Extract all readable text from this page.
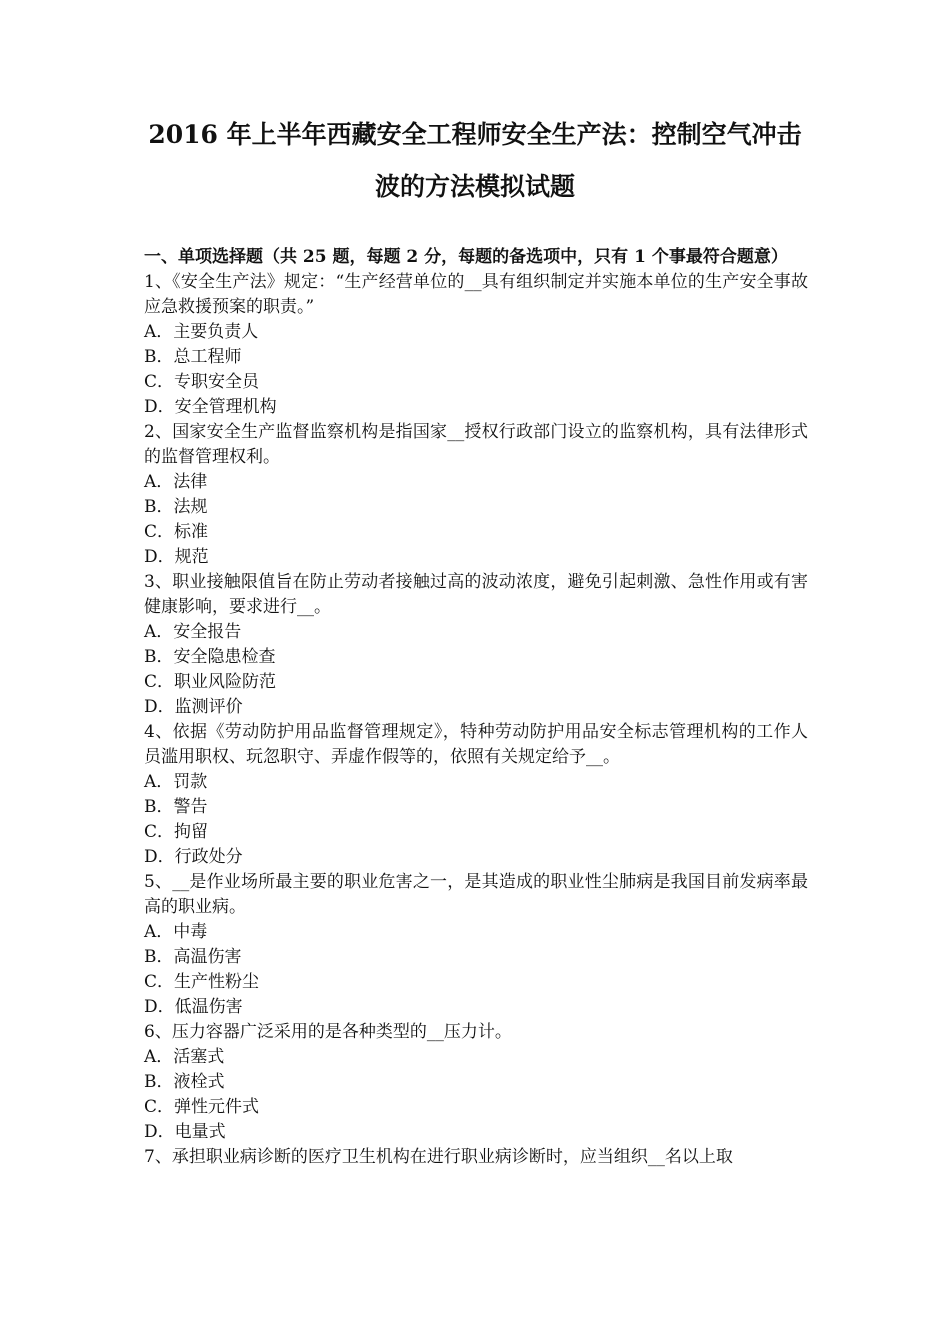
2016 年上半年西藏安全工程师安全生产法：控制空气冲击
波的方法模拟试题
一、单项选择题（共 25 题，每题 2 分，每题的备选项中，只有 1 个事最符合题意）
1、《安全生产法》规定：“生产经营单位的__具有组织制定并实施本单位的生产安全事故应急救援预案的职责。”
A．主要负责人
B．总工程师
C．专职安全员
D．安全管理机构
2、国家安全生产监督监察机构是指国家__授权行政部门设立的监察机构，具有法律形式的监督管理权利。
A．法律
B．法规
C．标准
D．规范
3、职业接触限值旨在防止劳动者接触过高的波动浓度，避免引起刺激、急性作用或有害健康影响，要求进行__。
A．安全报告
B．安全隐患检查
C．职业风险防范
D．监测评价
4、依据《劳动防护用品监督管理规定》，特种劳动防护用品安全标志管理机构的工作人员滥用职权、玩忽职守、弄虚作假等的，依照有关规定给予__。
A．罚款
B．警告
C．拘留
D．行政处分
5、__是作业场所最主要的职业危害之一，是其造成的职业性尘肺病是我国目前发病率最高的职业病。
A．中毒
B．高温伤害
C．生产性粉尘
D．低温伤害
6、压力容器广泛采用的是各种类型的__压力计。
A．活塞式
B．液栓式
C．弹性元件式
D．电量式
7、承担职业病诊断的医疗卫生机构在进行职业病诊断时，应当组织__名以上取
